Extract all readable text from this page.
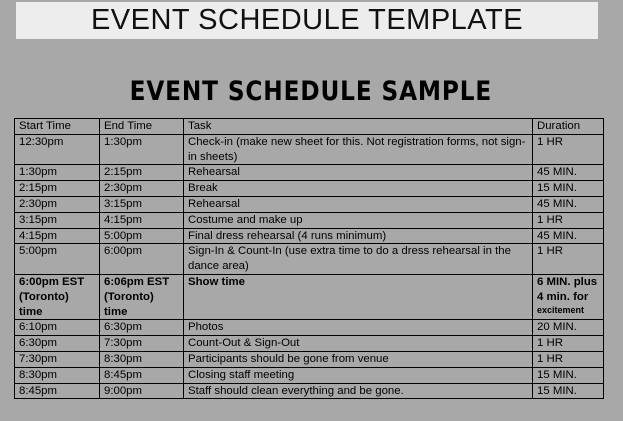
EVENT SCHEDULE TEMPLATE
EVENT SCHEDULE SAMPLE
Start Time	End Time	Task	Duration
12:30pm	1:30pm	Check-in (make new sheet for this. Not registration forms, not sign-in sheets)	1 HR
1:30pm	2:15pm	Rehearsal	45 MIN.
2:15pm	2:30pm	Break	15 MIN.
2:30pm	3:15pm	Rehearsal	45 MIN.
3:15pm	4:15pm	Costume and make up	1 HR
4:15pm	5:00pm	Final dress rehearsal (4 runs minimum)	45 MIN.
5:00pm	6:00pm	Sign-In & Count-In (use extra time to do a dress rehearsal in the dance area)	1 HR
6:00pm EST (Toronto) time	6:06pm EST (Toronto) time	Show time	6 MIN. plus 4 min. for
excitement

6:10pm	6:30pm	Photos	20 MIN.
6:30pm	7:30pm	Count-Out & Sign-Out	1 HR
7:30pm	8:30pm	Participants should be gone from venue	1 HR
8:30pm	8:45pm	Closing staff meeting	15 MIN.
8:45pm	9:00pm	Staff should clean everything and be gone.	15 MIN.
